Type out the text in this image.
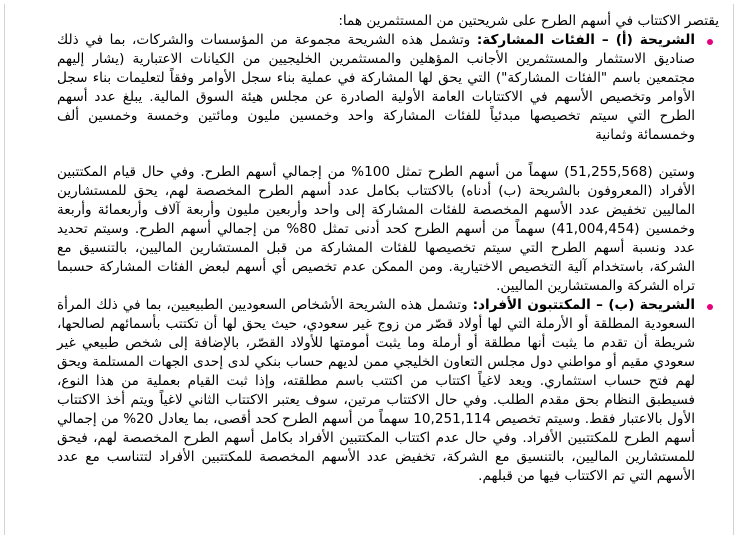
يقتصر الاكتتاب في أسهم الطرح على شريحتين من المستثمرين هما:

الشريحة (أ) – الفئات المشاركة: وتشمل هذه الشريحة مجموعة من المؤسسات والشركات، بما في ذلك صناديق الاستثمار والمستثمرين الأجانب المؤهلين والمستثمرين الخليجيين من الكيانات الاعتبارية (يشار إليهم مجتمعين باسم "الفئات المشاركة") التي يحق لها المشاركة في عملية بناء سجل الأوامر وفقاً لتعليمات بناء سجل الأوامر وتخصيص الأسهم في الاكتتابات العامة الأولية الصادرة عن مجلس هيئة السوق المالية. يبلغ عدد أسهم الطرح التي سيتم تخصيصها مبدئياً للفئات المشاركة واحد وخمسين مليون ومائتين وخمسة وخمسين ألف وخمسمائة وثمانية

وستين (51,255,568) سهماً من أسهم الطرح تمثل 100% من إجمالي أسهم الطرح. وفي حال قيام المكتتبين الأفراد (المعروفون بالشريحة (ب) أدناه) بالاكتتاب بكامل عدد أسهم الطرح المخصصة لهم، يحق للمستشارين الماليين تخفيض عدد الأسهم المخصصة للفئات المشاركة إلى واحد وأربعين مليون وأربعة آلاف وأربعمائة وأربعة وخمسين (41,004,454) سهماً من أسهم الطرح كحد أدنى تمثل 80% من إجمالي أسهم الطرح. وسيتم تحديد عدد ونسبة أسهم الطرح التي سيتم تخصيصها للفئات المشاركة من قبل المستشارين الماليين، بالتنسيق مع الشركة، باستخدام آلية التخصيص الاختيارية. ومن الممكن عدم تخصيص أي أسهم لبعض الفئات المشاركة حسبما تراه الشركة والمستشارين الماليين.

الشريحة (ب) – المكتتبون الأفراد: وتشمل هذه الشريحة الأشخاص السعوديين الطبيعيين، بما في ذلك المرأة السعودية المطلقة أو الأرملة التي لها أولاد قصّر من زوج غير سعودي، حيث يحق لها أن تكتتب بأسمائهم لصالحها، شريطة أن تقدم ما يثبت أنها مطلقة أو أرملة وما يثبت أمومتها للأولاد القصّر، بالإضافة إلى شخص طبيعي غير سعودي مقيم أو مواطني دول مجلس التعاون الخليجي ممن لديهم حساب بنكي لدى إحدى الجهات المستلمة ويحق لهم فتح حساب استثماري. ويعد لاغياً اكتتاب من اكتتب باسم مطلقته، وإذا ثبت القيام بعملية من هذا النوع، فسيطبق النظام بحق مقدم الطلب. وفي حال الاكتتاب مرتين، سوف يعتبر الاكتتاب الثاني لاغياً ويتم أخذ الاكتتاب الأول بالاعتبار فقط. وسيتم تخصيص 10,251,114 سهماً من أسهم الطرح كحد أقصى، بما يعادل 20% من إجمالي أسهم الطرح للمكتتبين الأفراد. وفي حال عدم اكتتاب المكتتبين الأفراد بكامل أسهم الطرح المخصصة لهم، فيحق للمستشارين الماليين، بالتنسيق مع الشركة، تخفيض عدد الأسهم المخصصة للمكتتبين الأفراد لتتناسب مع عدد الأسهم التي تم الاكتتاب فيها من قبلهم.
